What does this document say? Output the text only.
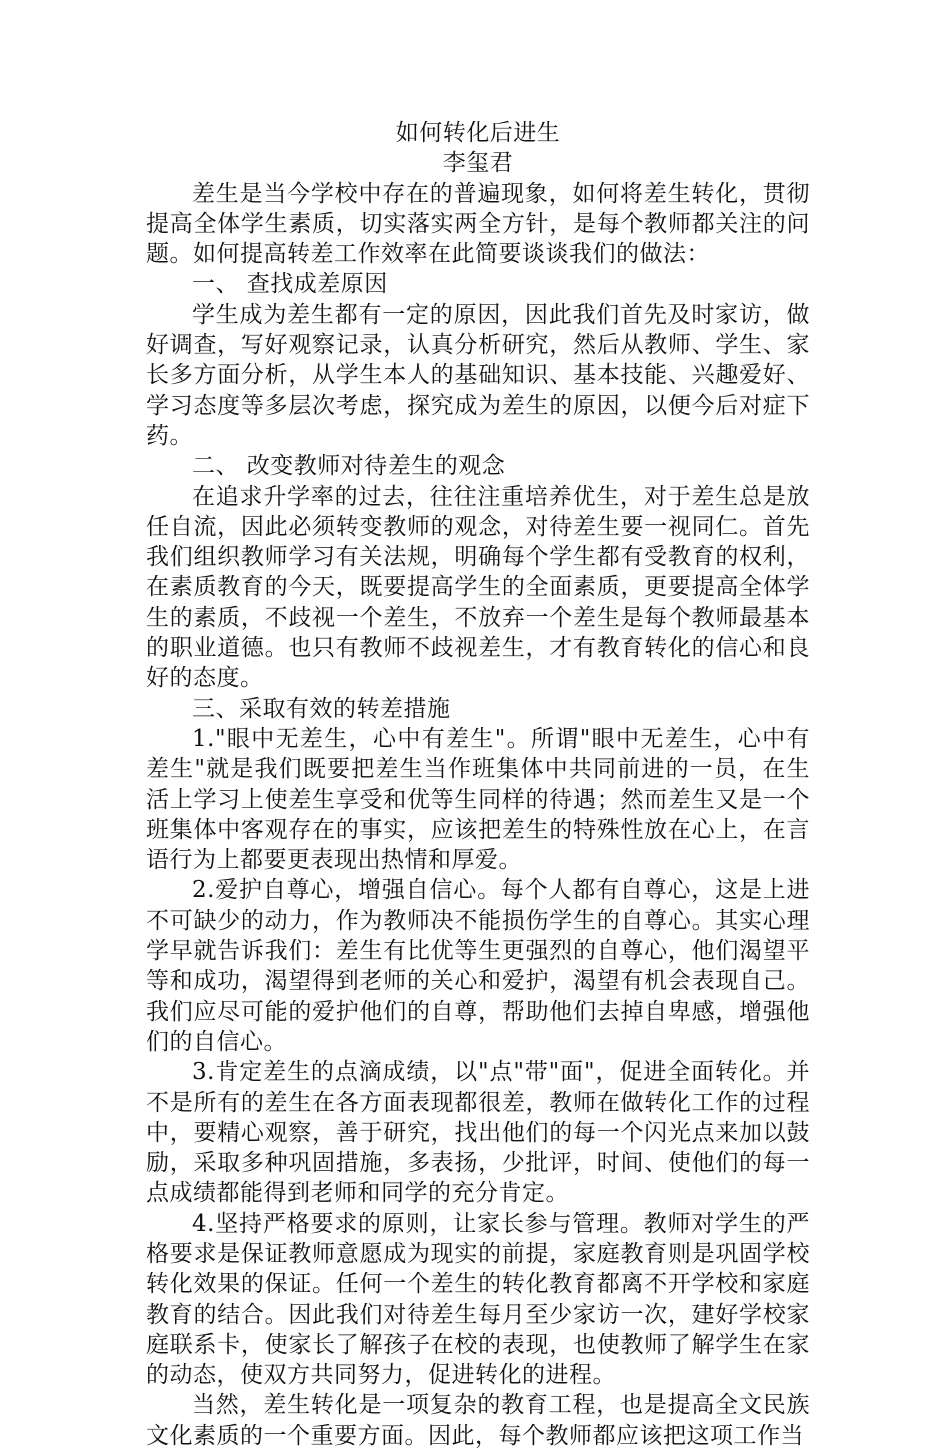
如何转化后进生

李玺君

差生是当今学校中存在的普遍现象，如何将差生转化，贯彻提高全体学生素质，切实落实两全方针，是每个教师都关注的问题。如何提高转差工作效率在此简要谈谈我们的做法：

一、 查找成差原因

学生成为差生都有一定的原因，因此我们首先及时家访，做好调查，写好观察记录，认真分析研究，然后从教师、学生、家长多方面分析，从学生本人的基础知识、基本技能、兴趣爱好、学习态度等多层次考虑，探究成为差生的原因，以便今后对症下药。

二、 改变教师对待差生的观念

在追求升学率的过去，往往注重培养优生，对于差生总是放任自流，因此必须转变教师的观念，对待差生要一视同仁。首先我们组织教师学习有关法规，明确每个学生都有受教育的权利，在素质教育的今天，既要提高学生的全面素质，更要提高全体学生的素质，不歧视一个差生，不放弃一个差生是每个教师最基本的职业道德。也只有教师不歧视差生，才有教育转化的信心和良好的态度。

三、采取有效的转差措施

1."眼中无差生，心中有差生"。所谓"眼中无差生，心中有差生"就是我们既要把差生当作班集体中共同前进的一员，在生活上学习上使差生享受和优等生同样的待遇；然而差生又是一个班集体中客观存在的事实，应该把差生的特殊性放在心上，在言语行为上都要更表现出热情和厚爱。

2.爱护自尊心，增强自信心。每个人都有自尊心，这是上进不可缺少的动力，作为教师决不能损伤学生的自尊心。其实心理学早就告诉我们：差生有比优等生更强烈的自尊心，他们渴望平等和成功，渴望得到老师的关心和爱护，渴望有机会表现自己。我们应尽可能的爱护他们的自尊，帮助他们去掉自卑感，增强他们的自信心。

3.肯定差生的点滴成绩，以"点"带"面"，促进全面转化。并不是所有的差生在各方面表现都很差，教师在做转化工作的过程中，要精心观察，善于研究，找出他们的每一个闪光点来加以鼓励，采取多种巩固措施，多表扬，少批评，时间、使他们的每一点成绩都能得到老师和同学的充分肯定。

4.坚持严格要求的原则，让家长参与管理。教师对学生的严格要求是保证教师意愿成为现实的前提，家庭教育则是巩固学校转化效果的保证。任何一个差生的转化教育都离不开学校和家庭教育的结合。因此我们对待差生每月至少家访一次，建好学校家庭联系卡，使家长了解孩子在校的表现，也使教师了解学生在家的动态，使双方共同努力，促进转化的进程。

当然，差生转化是一项复杂的教育工程，也是提高全文民族文化素质的一个重要方面。因此，每个教师都应该把这项工作当
